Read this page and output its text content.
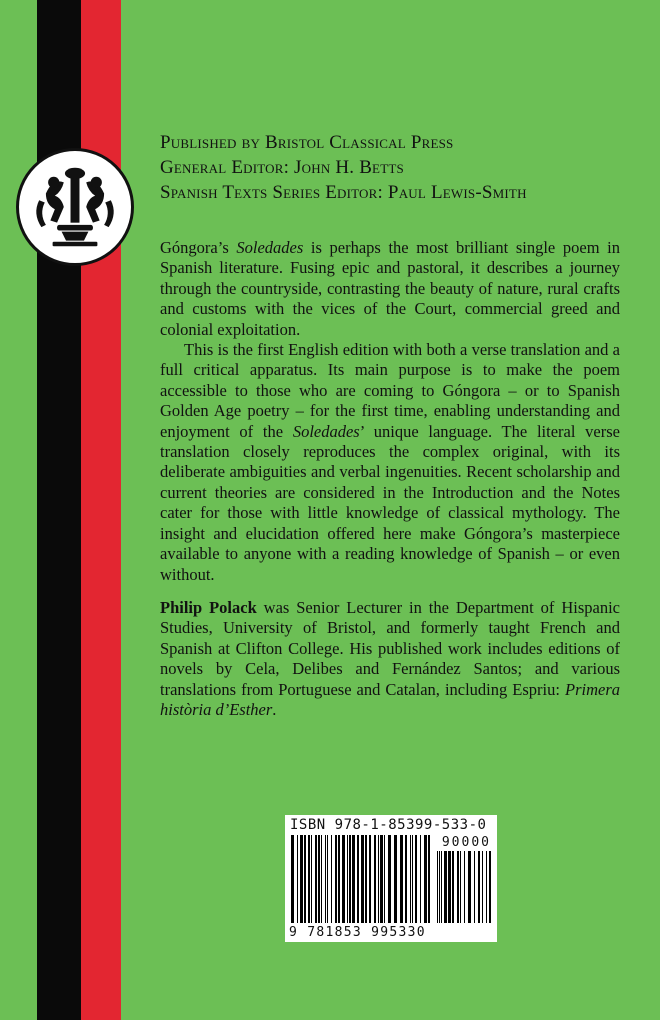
Published by Bristol Classical Press
General Editor: John H. Betts
Spanish Texts Series Editor: Paul Lewis-Smith

Góngora’s Soledades is perhaps the most brilliant single poem in Spanish literature. Fusing epic and pastoral, it describes a journey through the countryside, contrasting the beauty of nature, rural crafts and customs with the vices of the Court, commercial greed and colonial exploitation.

This is the first English edition with both a verse translation and a full critical apparatus. Its main purpose is to make the poem accessible to those who are coming to Góngora – or to Spanish Golden Age poetry – for the first time, enabling understanding and enjoyment of the Soledades’ unique language. The literal verse translation closely reproduces the complex original, with its deliberate ambiguities and verbal ingenuities. Recent scholarship and current theories are considered in the Introduction and the Notes cater for those with little knowledge of classical mythology. The insight and elucidation offered here make Góngora’s masterpiece available to anyone with a reading knowledge of Spanish – or even without.

Philip Polack was Senior Lecturer in the Department of Hispanic Studies, University of Bristol, and formerly taught French and Spanish at Clifton College. His published work includes editions of novels by Cela, Delibes and Fernández Santos; and various translations from Portuguese and Catalan, including Espriu: Primera història d’Esther.

ISBN 978-1-85399-533-0
90000
9 781853 995330
